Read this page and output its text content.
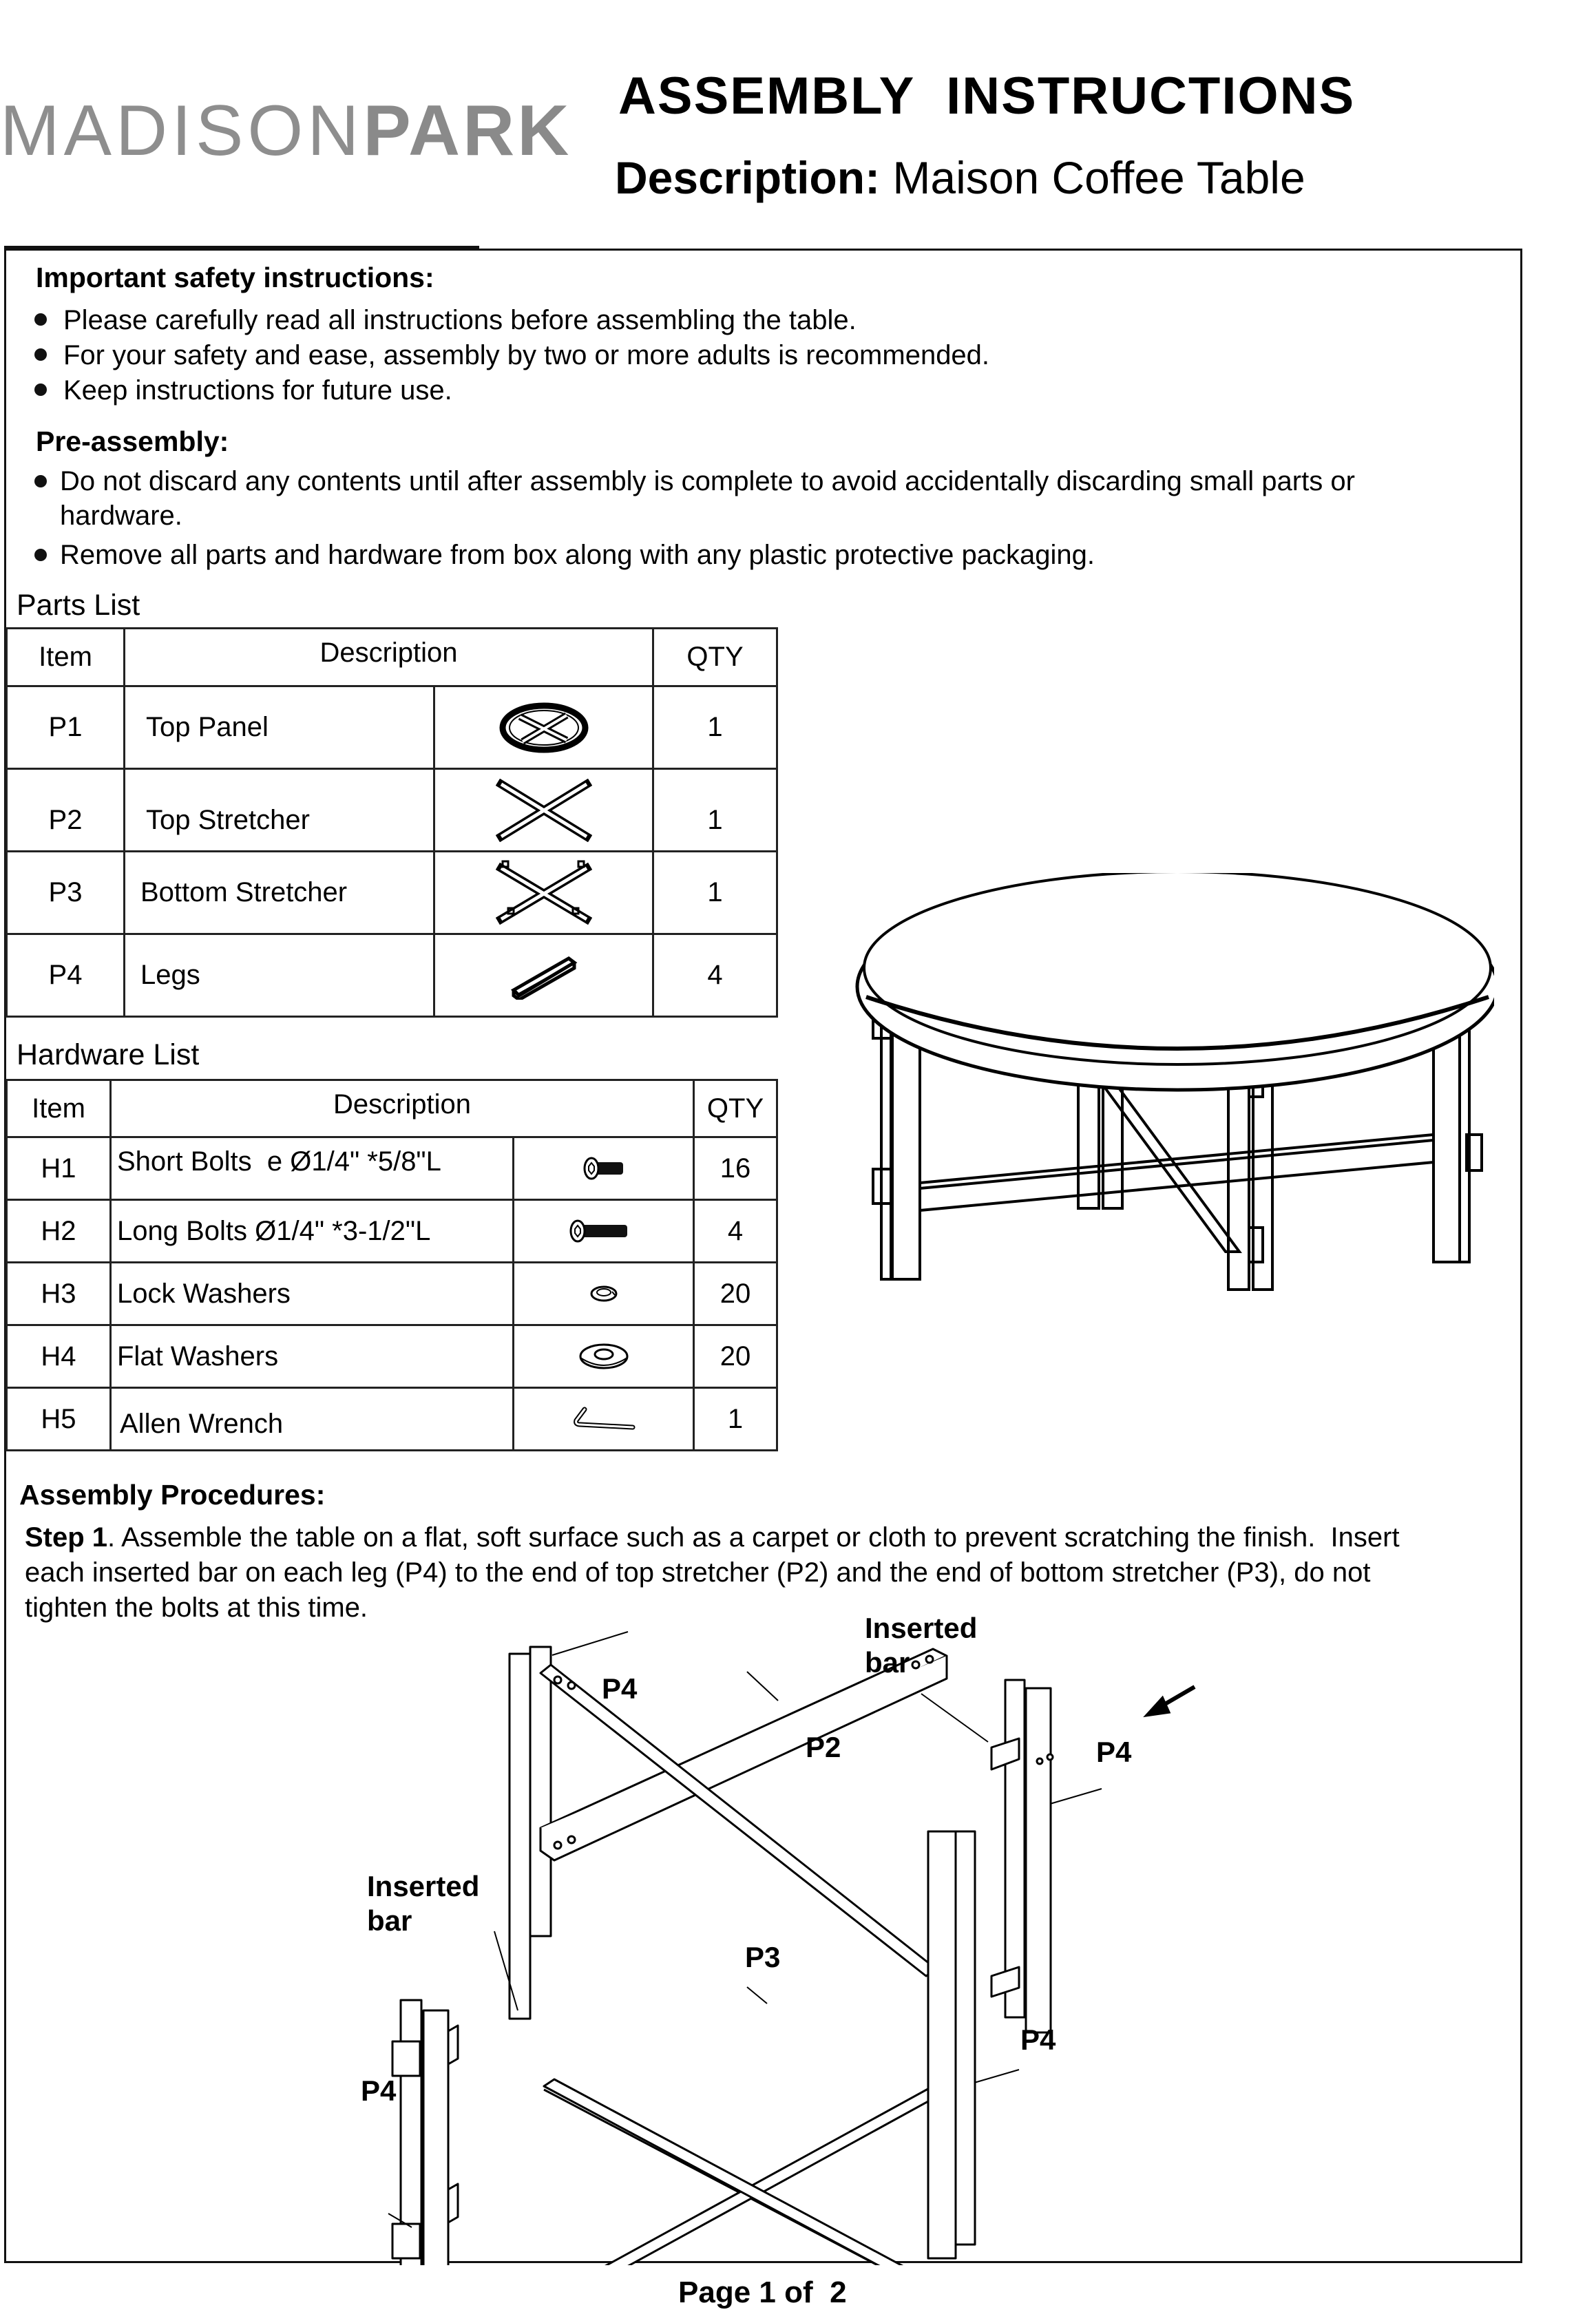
MADISONPARK ASSEMBLY  INSTRUCTIONS
Description: Maison Coffee Table
Important safety instructions:
Please carefully read all instructions before assembling the table.
For your safety and ease, assembly by two or more adults is recommended.
Keep instructions for future use.
Pre-assembly:
Do not discard any contents until after assembly is complete to avoid accidentally discarding small parts or
hardware.
Remove all parts and hardware from box along with any plastic protective packaging.
Parts List
Item	Description		QTY
P1	Top Panel		1
P2	Top Stretcher		1
P3	Bottom Stretcher		1
P4	Legs		4
Hardware List
Item	Description		QTY
H1	Short Bolts  e Ø1/4" *5/8"L		16
H2	Long Bolts Ø1/4" *3-1/2"L		4
H3	Lock Washers		20
H4	Flat Washers		20
H5	Allen Wrench		1
Assembly Procedures:
Step 1. Assemble the table on a flat, soft surface such as a carpet or cloth to prevent scratching the finish.  Insert
each inserted bar on each leg (P4) to the end of top stretcher (P2) and the end of bottom stretcher (P3), do not
tighten the bolts at this time.
P4
P2
Inserted
bar
P4
Inserted
bar
P3
P4
P4
Page 1 of  2
